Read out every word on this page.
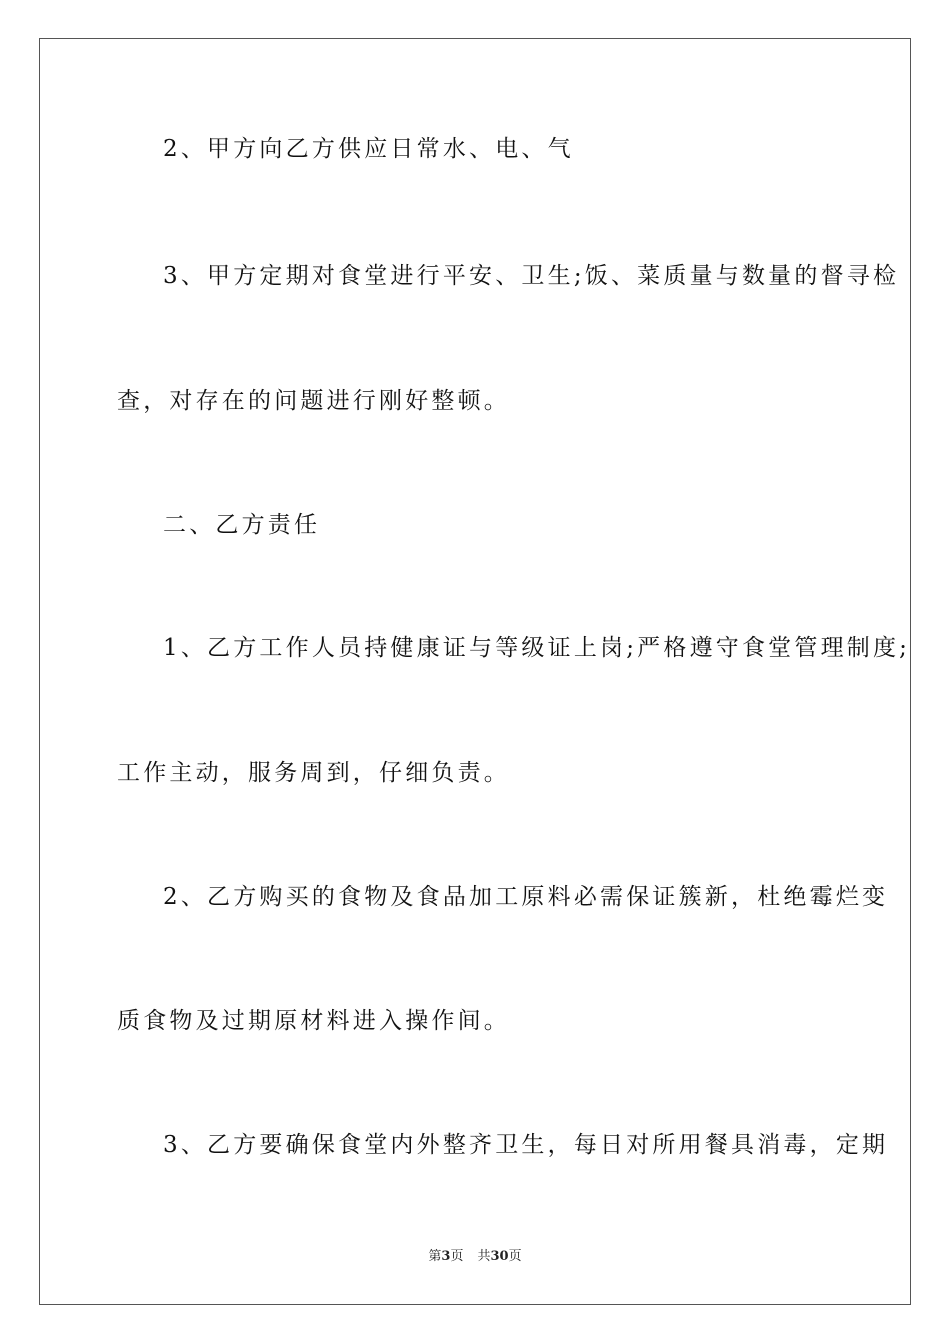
2、甲方向乙方供应日常水、电、气
3、甲方定期对食堂进行平安、卫生;饭、菜质量与数量的督寻检
查，对存在的问题进行刚好整顿。
二、乙方责任
1、乙方工作人员持健康证与等级证上岗;严格遵守食堂管理制度;
工作主动，服务周到，仔细负责。
2、乙方购买的食物及食品加工原料必需保证簇新，杜绝霉烂变
质食物及过期原材料进入操作间。
3、乙方要确保食堂内外整齐卫生，每日对所用餐具消毒，定期
第3页 共30页
